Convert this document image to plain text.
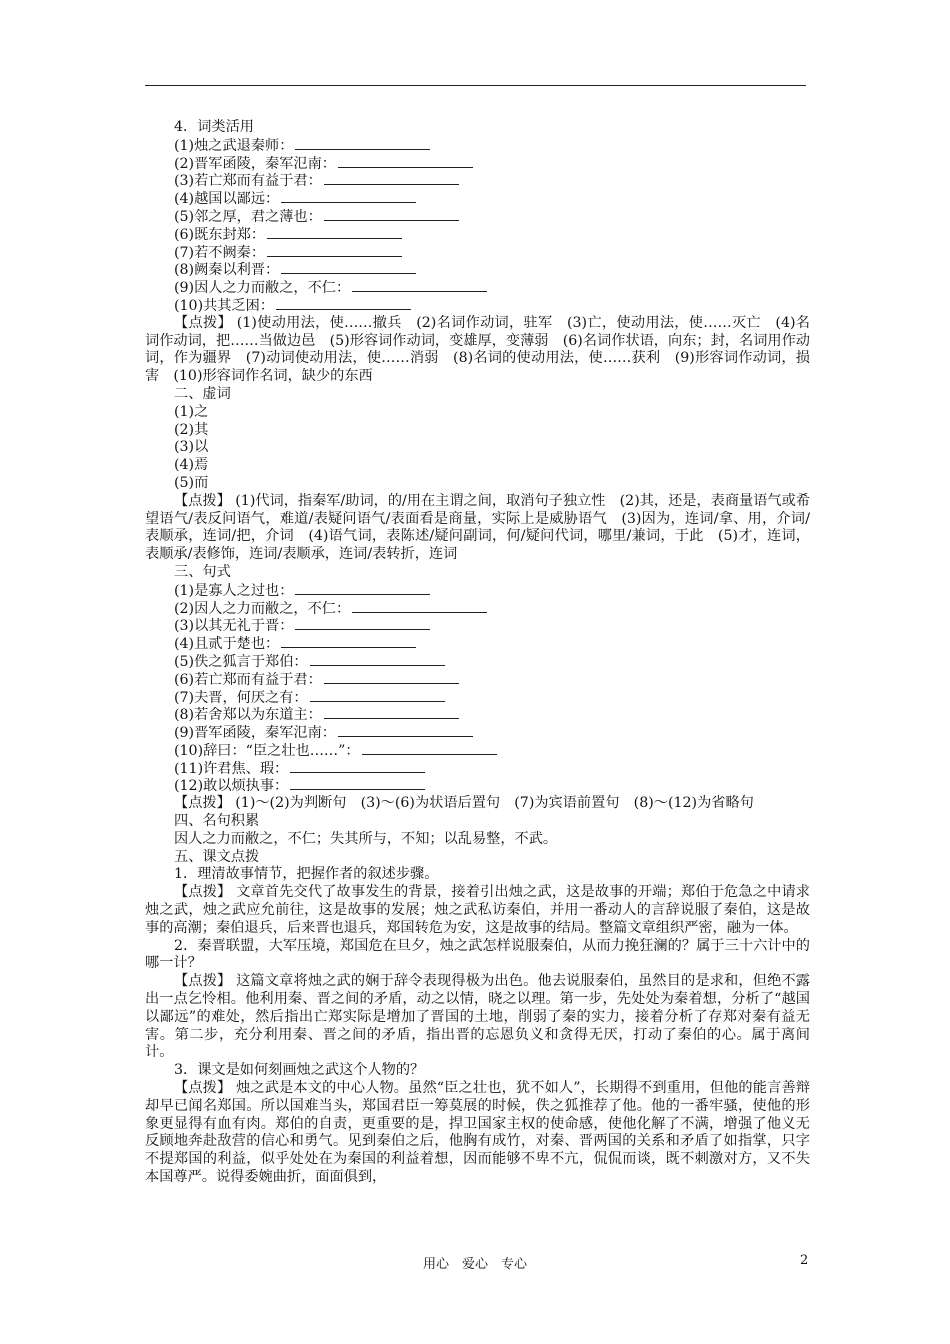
4．词类活用
(1)烛之武退秦师：
(2)晋军函陵，秦军氾南：
(3)若亡郑而有益于君：
(4)越国以鄙远：
(5)邻之厚，君之薄也：
(6)既东封郑：
(7)若不阙秦：
(8)阙秦以利晋：
(9)因人之力而敝之，不仁：
(10)共其乏困：
【点拨】 (1)使动用法，使……撤兵　(2)名词作动词，驻军　(3)亡，使动用法，使……灭亡　(4)名词作动词，把……当做边邑　(5)形容词作动词，变雄厚，变薄弱　(6)名词作状语，向东；封，名词用作动词，作为疆界　(7)动词使动用法，使……消弱　(8)名词的使动用法，使……获利　(9)形容词作动词，损害　(10)形容词作名词，缺少的东西
二、虚词
(1)之
(2)其
(3)以
(4)焉
(5)而
【点拨】 (1)代词，指秦军/助词，的/用在主谓之间，取消句子独立性　(2)其，还是，表商量语气或希望语气/表反问语气，难道/表疑问语气/表面看是商量，实际上是威胁语气　(3)因为，连词/拿、用，介词/表顺承，连词/把，介词　(4)语气词，表陈述/疑问副词，何/疑问代词，哪里/兼词，于此　(5)才，连词，表顺承/表修饰，连词/表顺承，连词/表转折，连词
三、句式
(1)是寡人之过也：
(2)因人之力而敝之，不仁：
(3)以其无礼于晋：
(4)且贰于楚也：
(5)佚之狐言于郑伯：
(6)若亡郑而有益于君：
(7)夫晋，何厌之有：
(8)若舍郑以为东道主：
(9)晋军函陵，秦军氾南：
(10)辞曰：“臣之壮也……”：
(11)许君焦、瑕：
(12)敢以烦执事：
【点拨】 (1)～(2)为判断句　(3)～(6)为状语后置句　(7)为宾语前置句　(8)～(12)为省略句
四、名句积累
因人之力而敝之，不仁；失其所与，不知；以乱易整，不武。
五、课文点拨
1．理清故事情节，把握作者的叙述步骤。
【点拨】 文章首先交代了故事发生的背景，接着引出烛之武，这是故事的开端；郑伯于危急之中请求烛之武，烛之武应允前往，这是故事的发展；烛之武私访秦伯，并用一番动人的言辞说服了秦伯，这是故事的高潮；秦伯退兵，后来晋也退兵，郑国转危为安，这是故事的结局。整篇文章组织严密，融为一体。
2．秦晋联盟，大军压境，郑国危在旦夕，烛之武怎样说服秦伯，从而力挽狂澜的？属于三十六计中的哪一计？
【点拨】 这篇文章将烛之武的娴于辞令表现得极为出色。他去说服秦伯，虽然目的是求和，但绝不露出一点乞怜相。他利用秦、晋之间的矛盾，动之以情，晓之以理。第一步，先处处为秦着想，分析了“越国以鄙远”的难处，然后指出亡郑实际是增加了晋国的土地，削弱了秦的实力，接着分析了存郑对秦有益无害。第二步，充分利用秦、晋之间的矛盾，指出晋的忘恩负义和贪得无厌，打动了秦伯的心。属于离间计。
3．课文是如何刻画烛之武这个人物的？
【点拨】 烛之武是本文的中心人物。虽然“臣之壮也，犹不如人”，长期得不到重用，但他的能言善辩却早已闻名郑国。所以国难当头，郑国君臣一筹莫展的时候，佚之狐推荐了他。他的一番牢骚，使他的形象更显得有血有肉。郑伯的自责，更重要的是，捍卫国家主权的使命感，使他化解了不满，增强了他义无反顾地奔赴敌营的信心和勇气。见到秦伯之后，他胸有成竹，对秦、晋两国的关系和矛盾了如指掌，只字不提郑国的利益，似乎处处在为秦国的利益着想，因而能够不卑不亢，侃侃而谈，既不刺激对方，又不失本国尊严。说得委婉曲折，面面俱到，
用心　爱心　专心	2
